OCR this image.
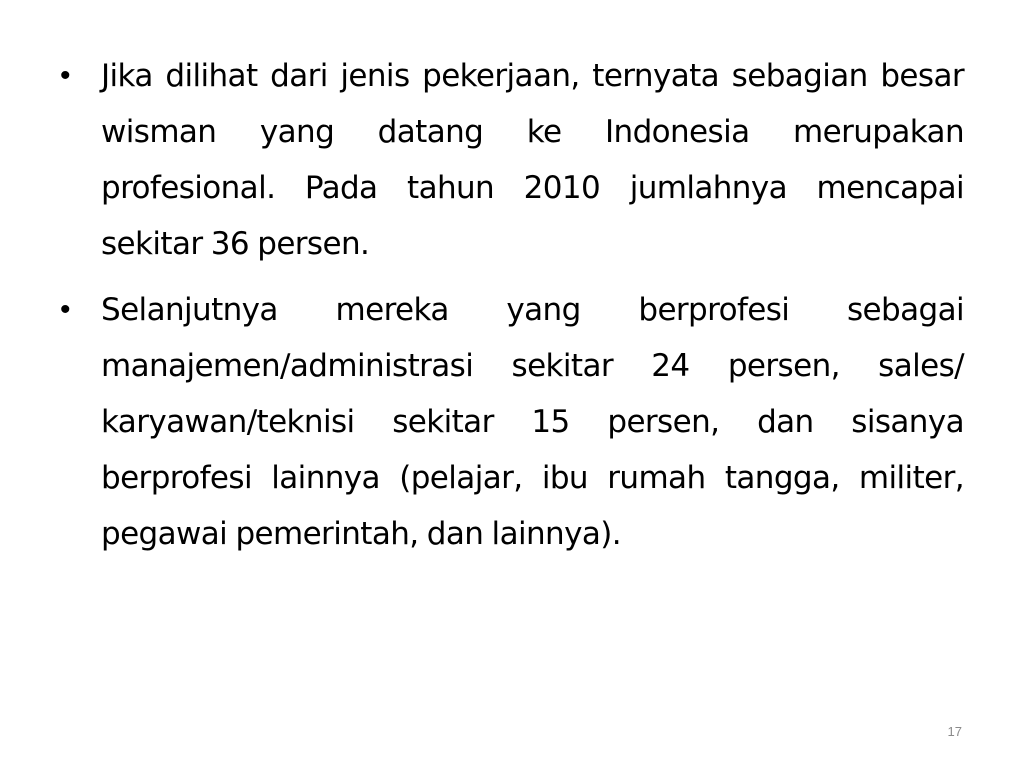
• Jika dilihat dari jenis pekerjaan, ternyata sebagian besar wisman yang datang ke Indonesia merupakan profesional. Pada tahun 2010 jumlahnya mencapai sekitar 36 persen.
• Selanjutnya mereka yang berprofesi sebagai manajemen/administrasi sekitar 24 persen, sales/ karyawan/teknisi sekitar 15 persen, dan sisanya berprofesi lainnya (pelajar, ibu rumah tangga, militer, pegawai pemerintah, dan lainnya).
17
